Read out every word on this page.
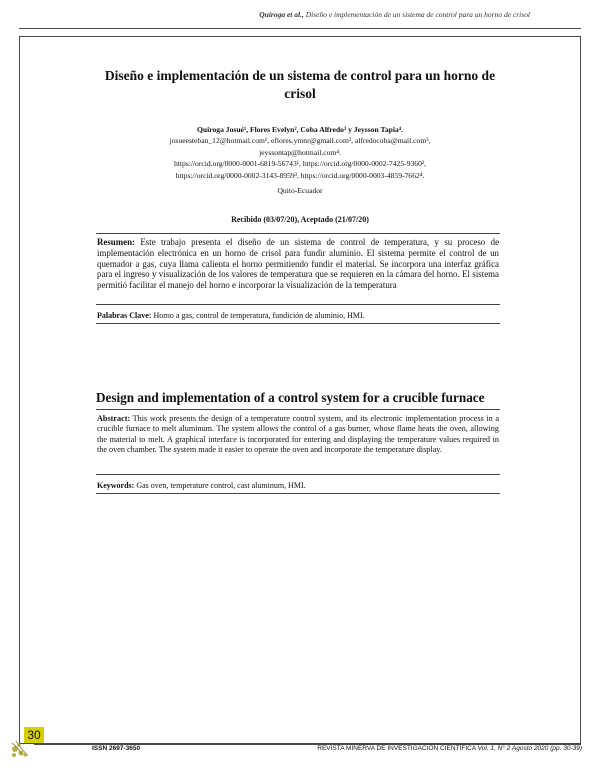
Quiroga et al., Diseño e implementación de un sistema de control para un horno de crisol
Diseño e implementación de un sistema de control para un horno de crisol
Quiroga Josué¹, Flores Evelyn², Coba Alfredo³ y Jeysson Tapia⁴.
josueesteban_12@hotmail.com¹, eflores.ymnr@gmail.com², alfredocoba@mail.com³,
jeyssontap@hotmail.com⁴.
https://orcid.org/0000-0001-6819-56743¹, https://orcid.org/0000-0002-7425-9360²,
https://orcid.org/0000-0002-3143-8959³, https://orcid.org/0000-0003-4859-7662⁴.
Quito-Ecuador
Recibido (03/07/20), Aceptado (21/07/20)
Resumen: Este trabajo presenta el diseño de un sistema de control de temperatura, y su proceso de implementación electrónica en un horno de crisol para fundir aluminio. El sistema permite el control de un quemador a gas, cuya llama calienta el horno permitiendo fundir el material. Se incorpora una interfaz gráfica para el ingreso y visualización de los valores de temperatura que se requieren en la cámara del horno. El sistema permitió facilitar el manejo del horno e incorporar la visualización de la temperatura
Palabras Clave: Horno a gas, control de temperatura, fundición de aluminio, HMI.
Design and implementation of a control system for a crucible furnace
Abstract: This work presents the design of a temperature control system, and its electronic implementation process in a crucible furnace to melt aluminum. The system allows the control of a gas burner, whose flame heats the oven, allowing the material to melt. A graphical interface is incorporated for entering and displaying the temperature values required in the oven chamber. The system made it easier to operate the oven and incorporate the temperature display.
Keywords: Gas oven, temperature control, cast aluminum, HMI.
30
ISSN 2697-3650	REVISTA MINERVA DE INVESTIGACIÓN CIENTÍFICA Vol. 1, N° 2 Agosto 2020 (pp. 30-39)
